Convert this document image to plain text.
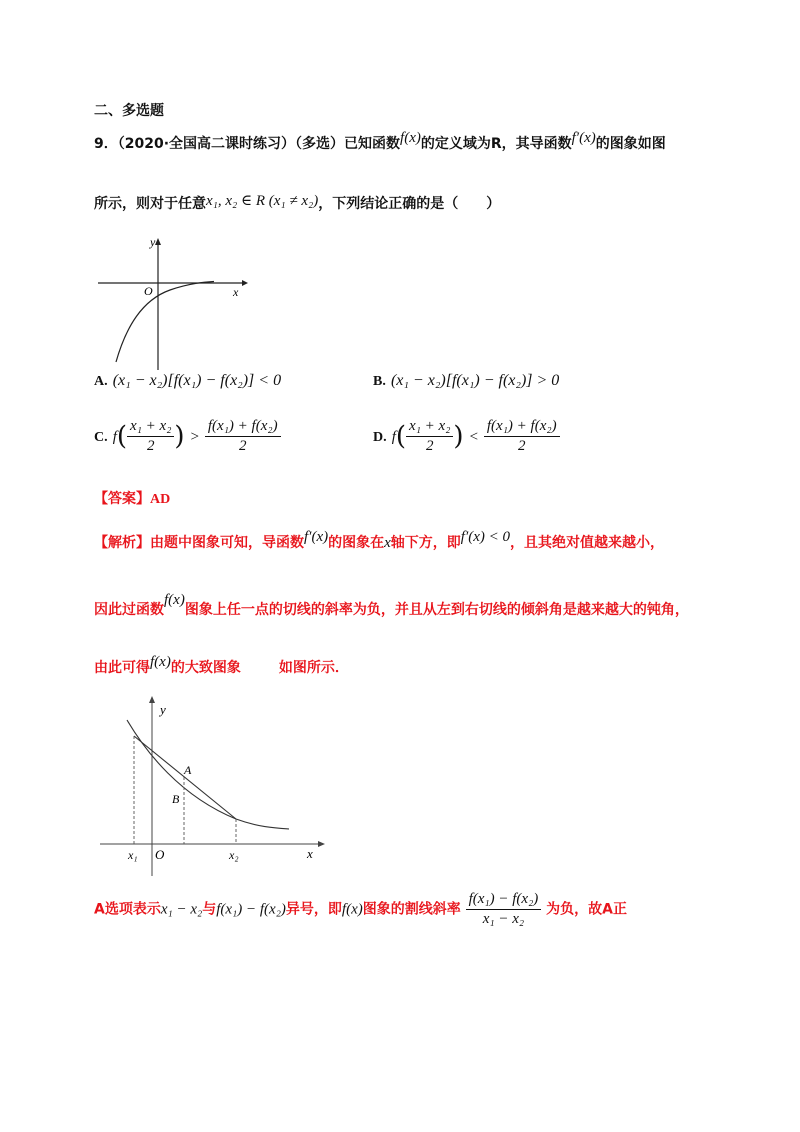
二、多选题
9．（2020·全国高二课时练习）（多选）已知函数f(x)的定义域为R，其导函数f′(x)的图象如图
所示，则对于任意x₁, x₂ ∈ R (x₁ ≠ x₂)，下列结论正确的是（　　）
y
x
O
A. (x₁ − x₂)[f(x₁) − f(x₂)] < 0	B. (x₁ − x₂)[f(x₁) − f(x₂)] > 0
C. $f( \frac{\text{x₁ + x₂}}{2}$ ) > $\frac{\text{f(x₁) + f(x₂)}}{2}$	D. $f( \frac{\text{x₁ + x₂}}{2}$ ) < $\frac{\text{f(x₁) + f(x₂)}}{2}$
【答案】AD
【解析】由题中图象可知，导函数f′(x)的图象在x轴下方，即f′(x) < 0，且其绝对值越来越小，
因此过函数f(x)图象上任一点的切线的斜率为负，并且从左到右切线的倾斜角是越来越大的钝角，
由此可得f(x)的大致图象	如图所示．
y
x
O
x₁	x₂
A
B
A选项表示x₁ − x₂与f(x₁) − f(x₂)异号，即f(x)图象的割线斜率 $\frac{\text{f(x₁) − f(x₂)}}{\text{x₁ − x₂}}$ 为负，故A正
